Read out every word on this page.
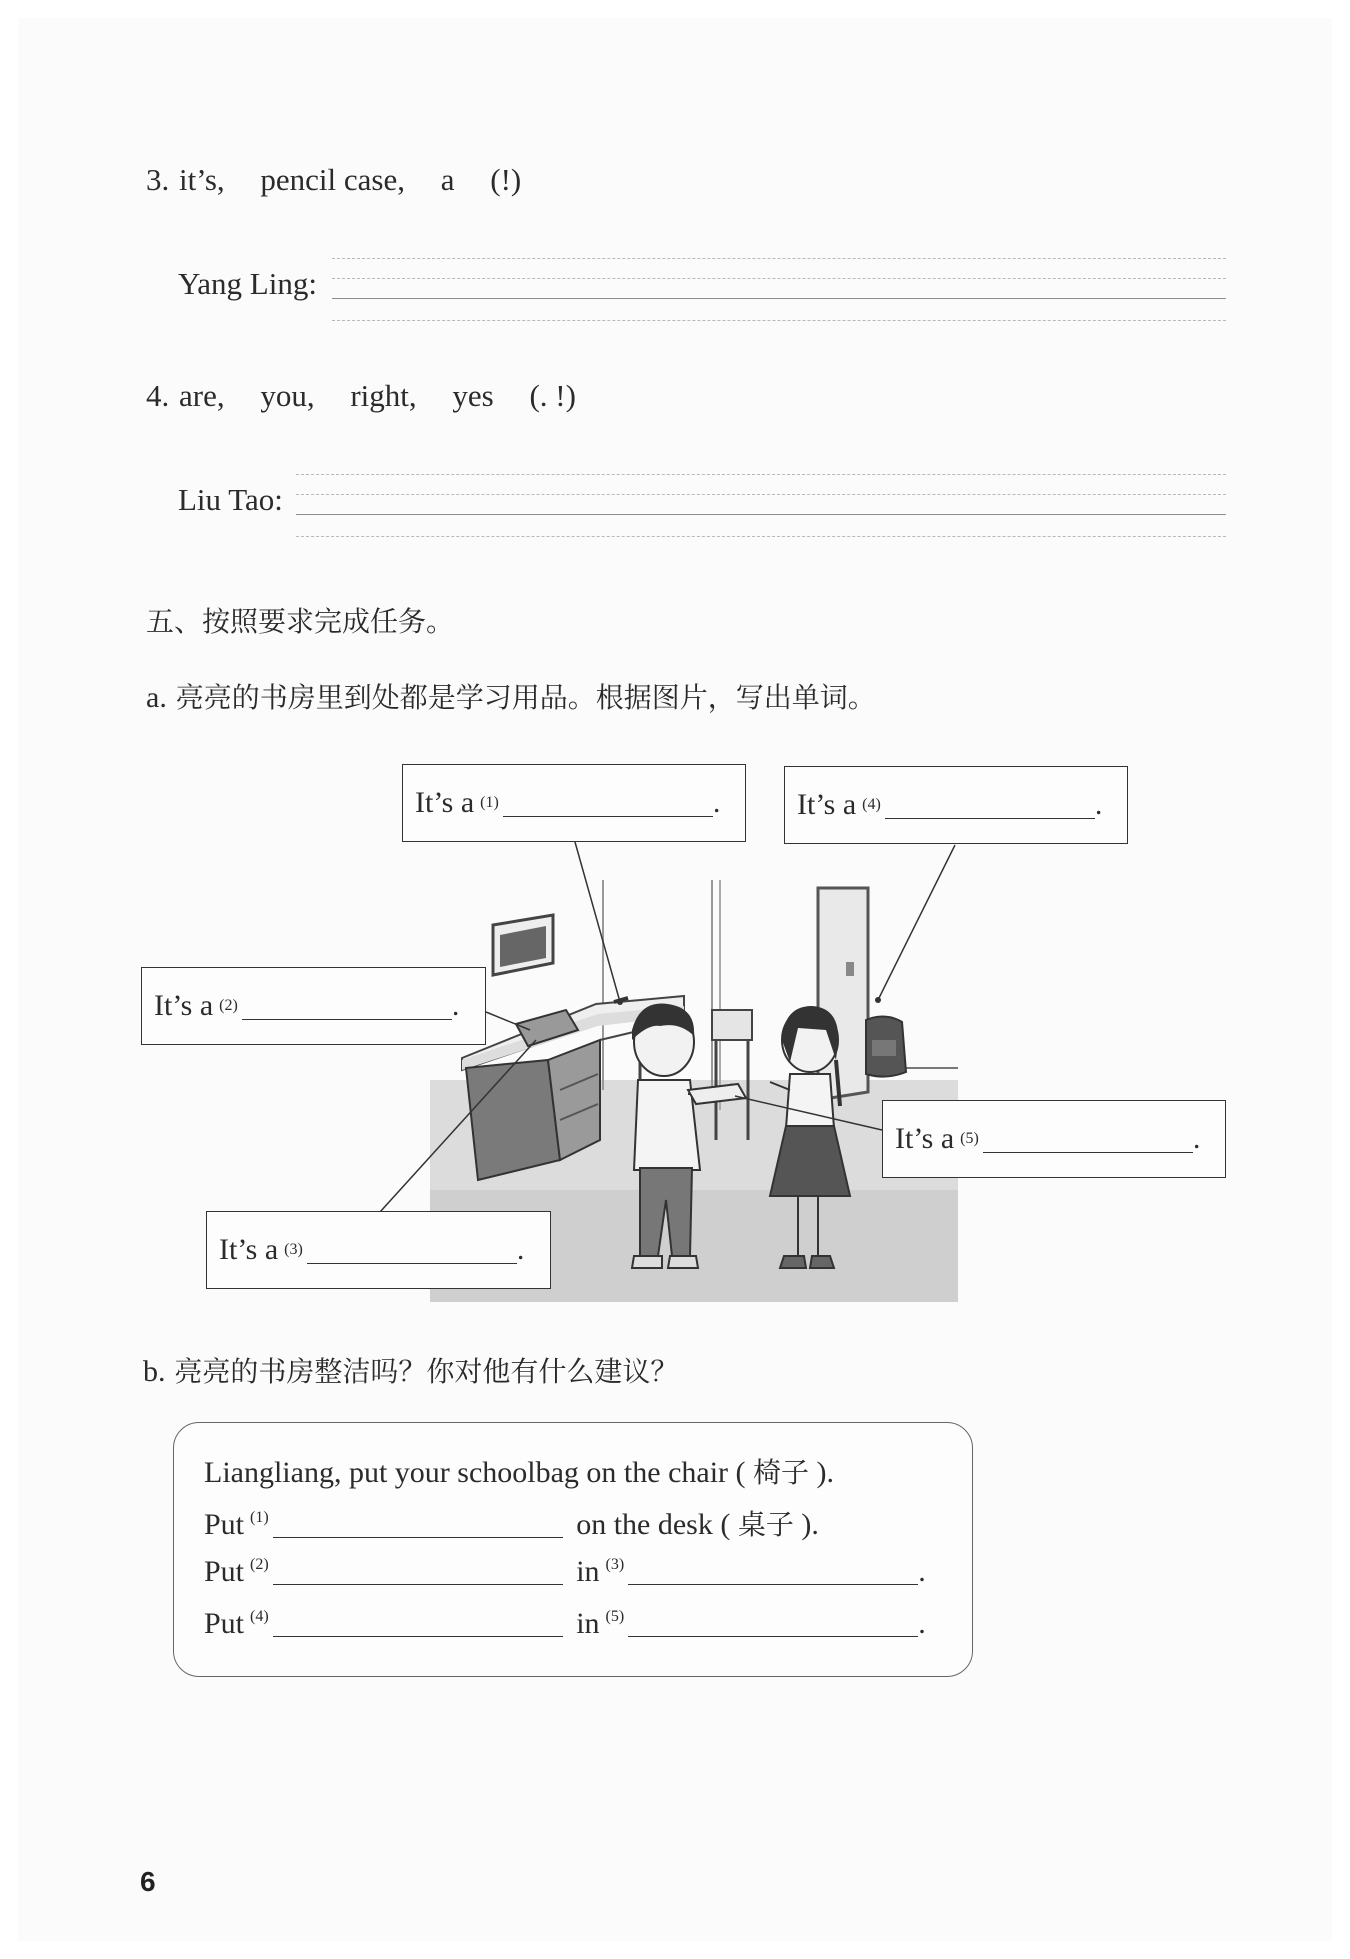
3. it’s, pencil case, a (!)
Yang Ling:
4. are, you, right, yes (. !)
Liu Tao:
五、按照要求完成任务。
a. 亮亮的书房里到处都是学习用品。根据图片，写出单词。
It’s a (1)	.	It’s a (4)	.
It’s a (2)	.
It’s a (5)	.
It’s a (3)	.
b. 亮亮的书房整洁吗？你对他有什么建议？
Liangliang, put your schoolbag on the chair ( 椅子 ).
Put $^{(1)}$	on the desk ( 桌子 ).
Put $^{(2)}$	in $^{(3)}$	.
Put $^{(4)}$	in $^{(5)}$	.
6
